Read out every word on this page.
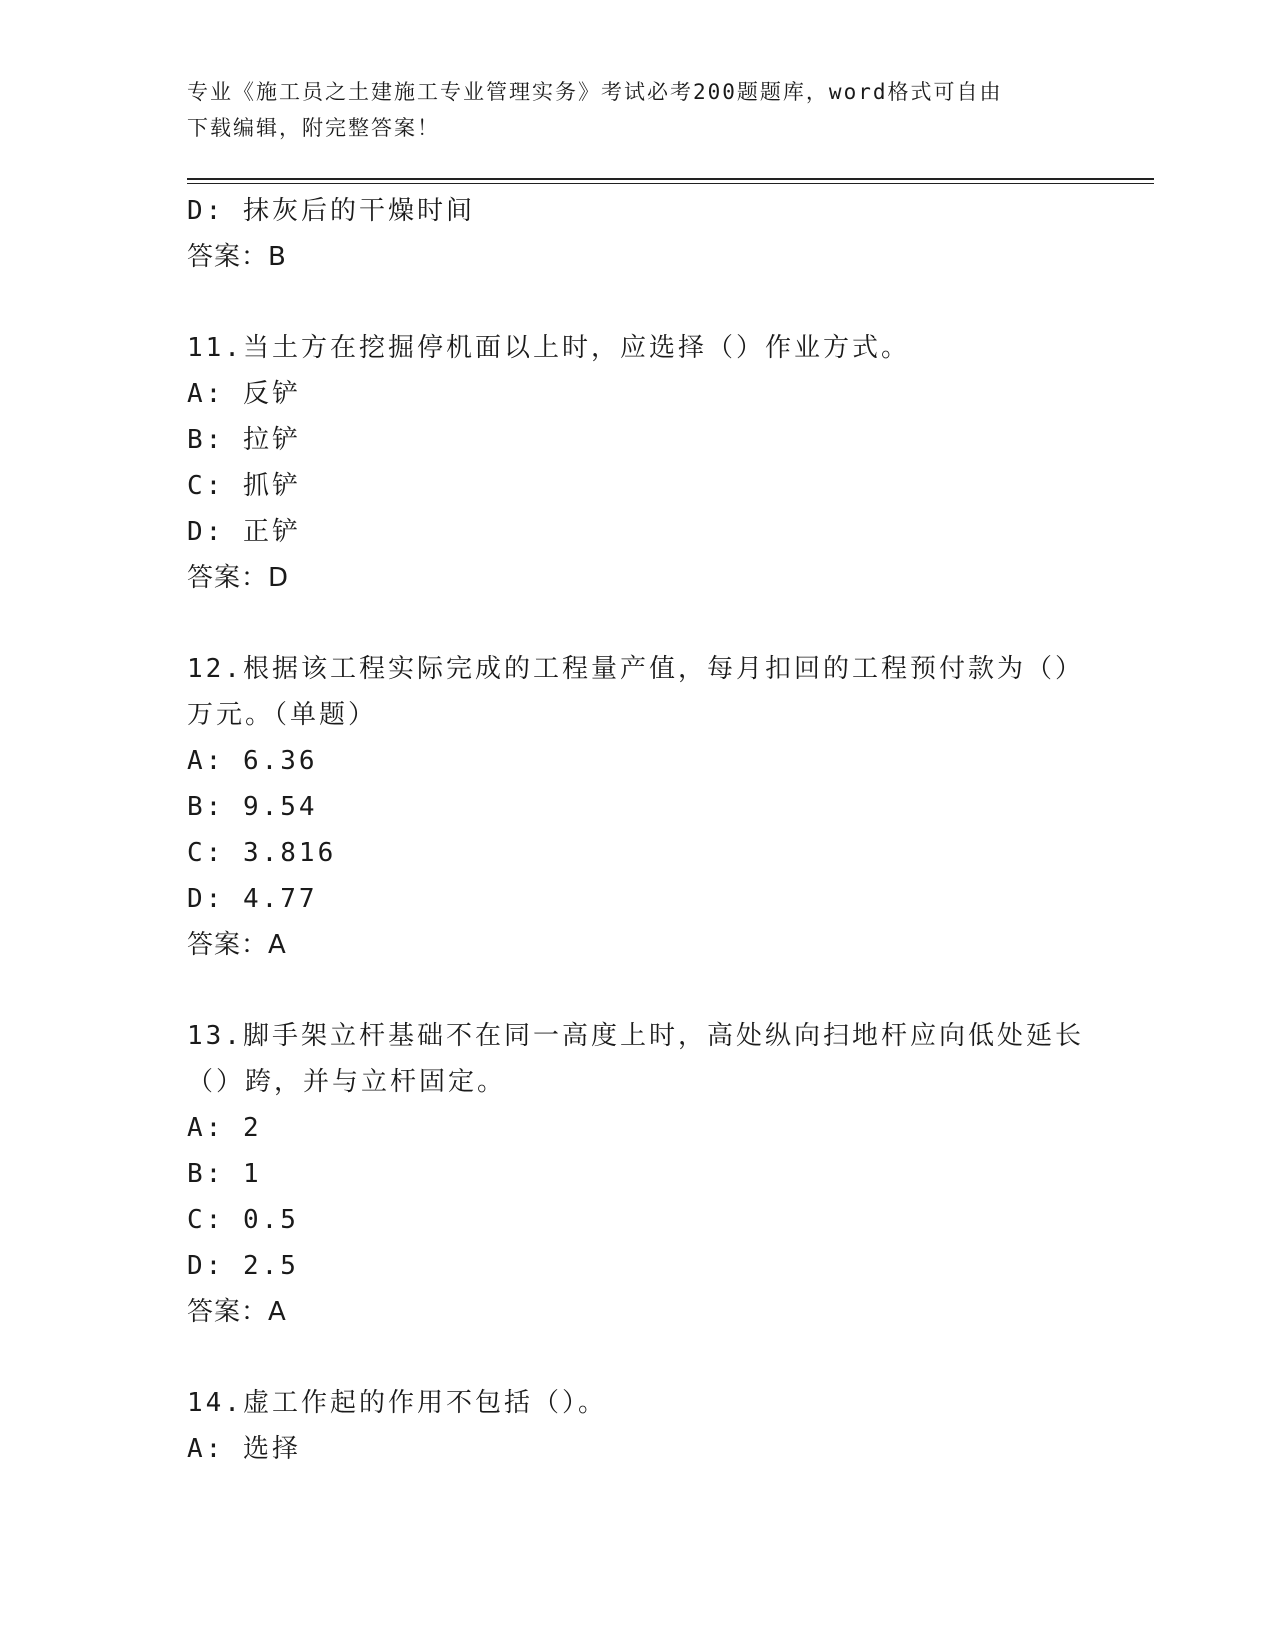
专业《施工员之土建施工专业管理实务》考试必考200题题库，word格式可自由
下载编辑，附完整答案！
D: 抹灰后的干燥时间
答案：B
11.当土方在挖掘停机面以上时，应选择（）作业方式。
A: 反铲
B: 拉铲
C: 抓铲
D: 正铲
答案：D
12.根据该工程实际完成的工程量产值，每月扣回的工程预付款为（）
万元。（单题）
A: 6.36
B: 9.54
C: 3.816
D: 4.77
答案：A
13.脚手架立杆基础不在同一高度上时，高处纵向扫地杆应向低处延长
（）跨，并与立杆固定。
A: 2
B: 1
C: 0.5
D: 2.5
答案：A
14.虚工作起的作用不包括（）。
A: 选择
